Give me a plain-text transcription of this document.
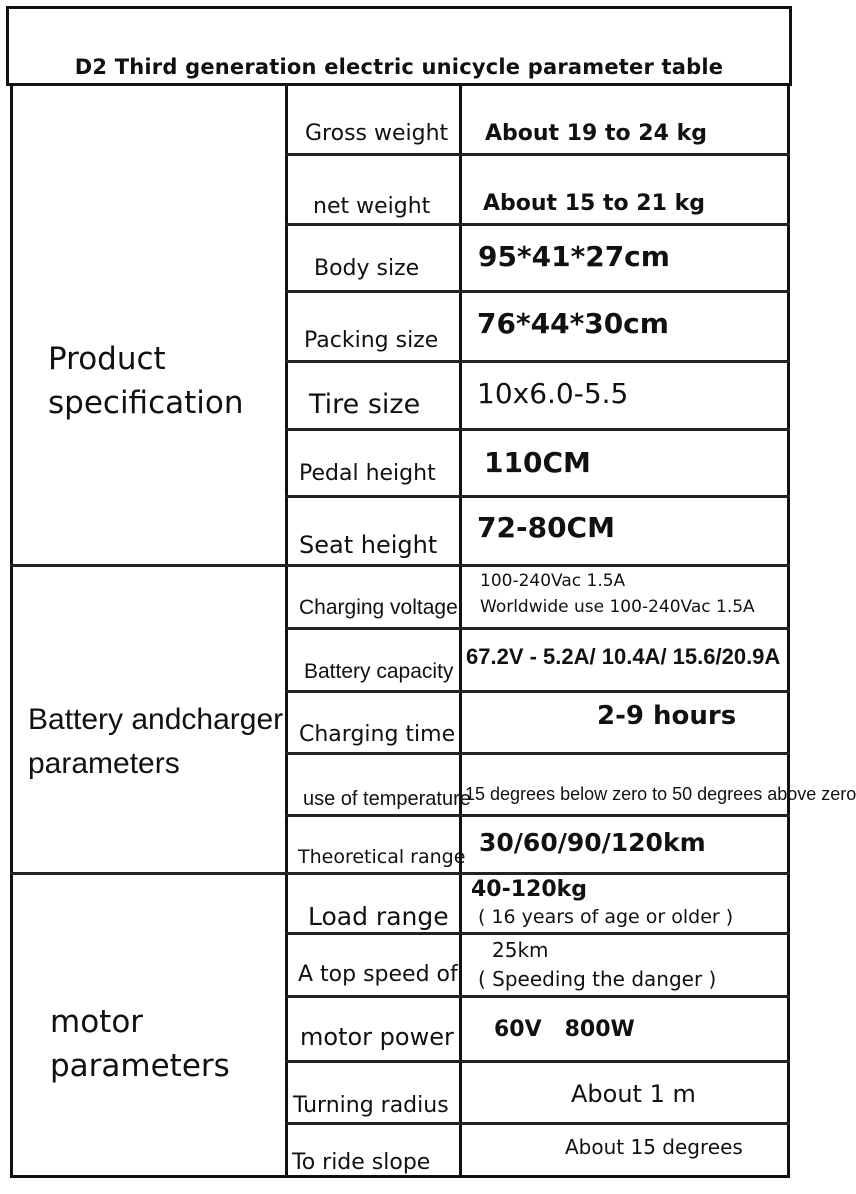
D2 Third generation electric unicycle parameter table
Product
specification
Battery andcharger
parameters
motor
parameters
Gross weight About 19 to 24 kg
net weight About 15 to 21 kg
Body size 95*41*27cm
Packing size
76*44*30cm
Tire size 10x6.0-5.5
Pedal height 110CM
Seat height
72-80CM
Charging voltage
100-240Vac 1.5A
Worldwide use 100-240Vac 1.5A
Battery capacity
67.2V - 5.2A/ 10.4A/ 15.6/20.9A
Charging time
2-9 hours
use of temperature
15 degrees below zero to 50 degrees above zero
Theoretical range 30/60/90/120km
Load range
40-120kg
( 16 years of age or older )
A top speed of
25km
( Speeding the danger )
motor power 60V   800W
Turning radius	About 1 m
To ride slope
About 15 degrees
